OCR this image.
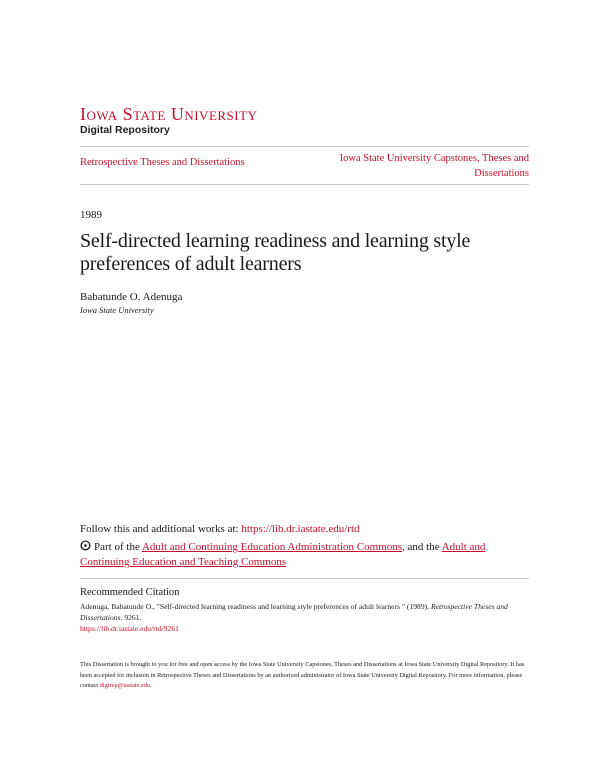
Iowa State University
Digital Repository
Retrospective Theses and Dissertations	Iowa State University Capstones, Theses and Dissertations
1989
Self-directed learning readiness and learning style preferences of adult learners
Babatunde O. Adenuga
Iowa State University
Follow this and additional works at: https://lib.dr.iastate.edu/rtd
Part of the Adult and Continuing Education Administration Commons, and the Adult and Continuing Education and Teaching Commons
Recommended Citation
Adenuga, Babatunde O., "Self-directed learning readiness and learning style preferences of adult learners " (1989). Retrospective Theses and Dissertations. 9261.
https://lib.dr.iastate.edu/rtd/9261
This Dissertation is brought to you for free and open access by the Iowa State University Capstones, Theses and Dissertations at Iowa State University Digital Repository. It has been accepted for inclusion in Retrospective Theses and Dissertations by an authorized administrator of Iowa State University Digital Repository. For more information, please contact digirep@iastate.edu.
